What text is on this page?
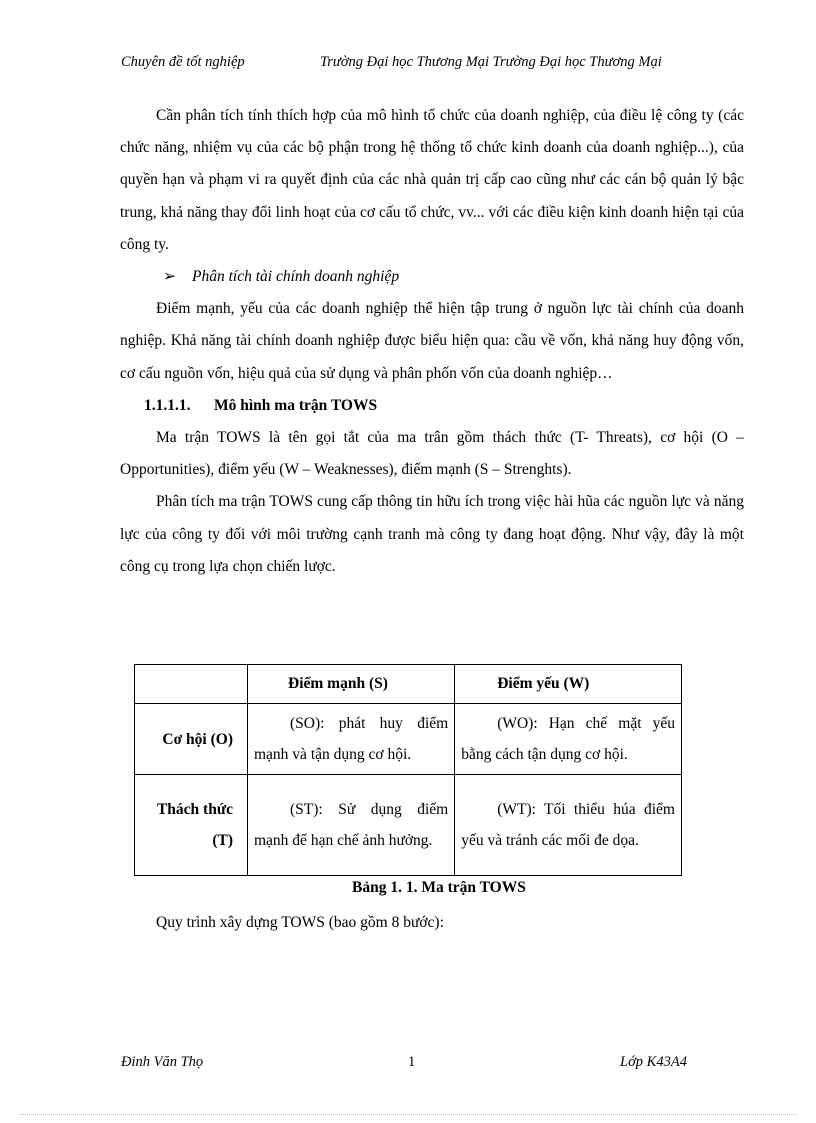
Chuyên đề tốt nghiệp	Trường Đại học Thương Mại Trường Đại học Thương Mại

Cần phân tích tính thích hợp của mô hình tổ chức của doanh nghiệp, của điều lệ công ty (các chức năng, nhiệm vụ của các bộ phận trong hệ thống tổ chức kinh doanh của doanh nghiệp...), của quyền hạn và phạm vi ra quyết định của các nhà quản trị cấp cao cũng như các cán bộ quản lý bậc trung, khả năng thay đổi linh hoạt của cơ cấu tổ chức, vv... với các điều kiện kinh doanh hiện tại của công ty.

➢ Phân tích tài chính doanh nghiệp

Điểm mạnh, yếu của các doanh nghiệp thể hiện tập trung ở nguồn lực tài chính của doanh nghiệp. Khả năng tài chính doanh nghiệp được biểu hiện qua: cầu về vốn, khả năng huy động vốn, cơ cấu nguồn vốn, hiệu quả của sử dụng và phân phốn vốn của doanh nghiệp…

1.1.1.1. Mô hình ma trận TOWS

Ma trận TOWS là tên gọi tắt của ma trân gồm thách thức (T- Threats), cơ hội (O – Opportunities), điểm yếu (W – Weaknesses), điểm mạnh (S – Strenghts).

Phân tích ma trận TOWS cung cấp thông tin hữu ích trong việc hài hũa các nguồn lực và năng lực của công ty đối với môi trường cạnh tranh mà công ty đang hoạt động. Như vậy, đây là một công cụ trong lựa chọn chiến lược.

	Điểm mạnh (S)	Điểm yếu (W)
Cơ hội (O)	(SO): phát huy điểm mạnh và tận dụng cơ hội.	(WO): Hạn chế mặt yếu bằng cách tận dụng cơ hội.
Thách thức (T)	(ST): Sử dụng điểm mạnh để hạn chế ảnh hưởng.	(WT): Tối thiểu húa điểm yếu và tránh các mối đe dọa.
Bảng 1. 1. Ma trận TOWS
Quy trình xây dựng TOWS (bao gồm 8 bước):
Đinh Văn Thọ	1	Lớp K43A4
